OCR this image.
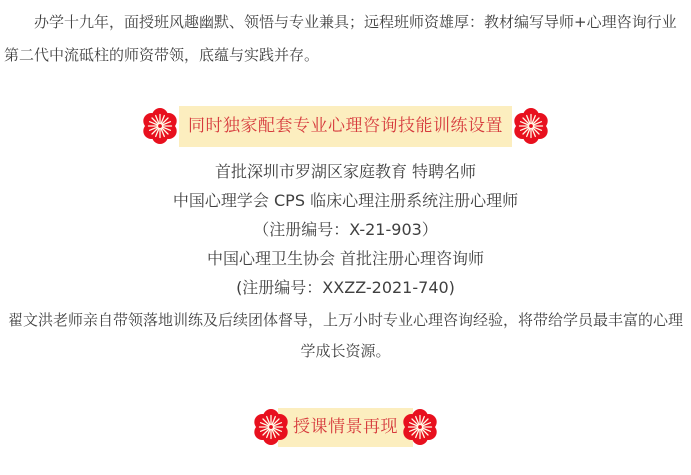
办学十九年，面授班风趣幽默、领悟与专业兼具；远程班师资雄厚：教材编写导师+心理咨询行业第二代中流砥柱的师资带领，底蕴与实践并存。

同时独家配套专业心理咨询技能训练设置
首批深圳市罗湖区家庭教育 特聘名师
中国心理学会 CPS 临床心理注册系统注册心理师
（注册编号：X-21-903）
中国心理卫生协会 首批注册心理咨询师
(注册编号：XXZZ-2021-740)

翟文洪老师亲自带领落地训练及后续团体督导，上万小时专业心理咨询经验，将带给学员最丰富的心理学成长资源。

授课情景再现
